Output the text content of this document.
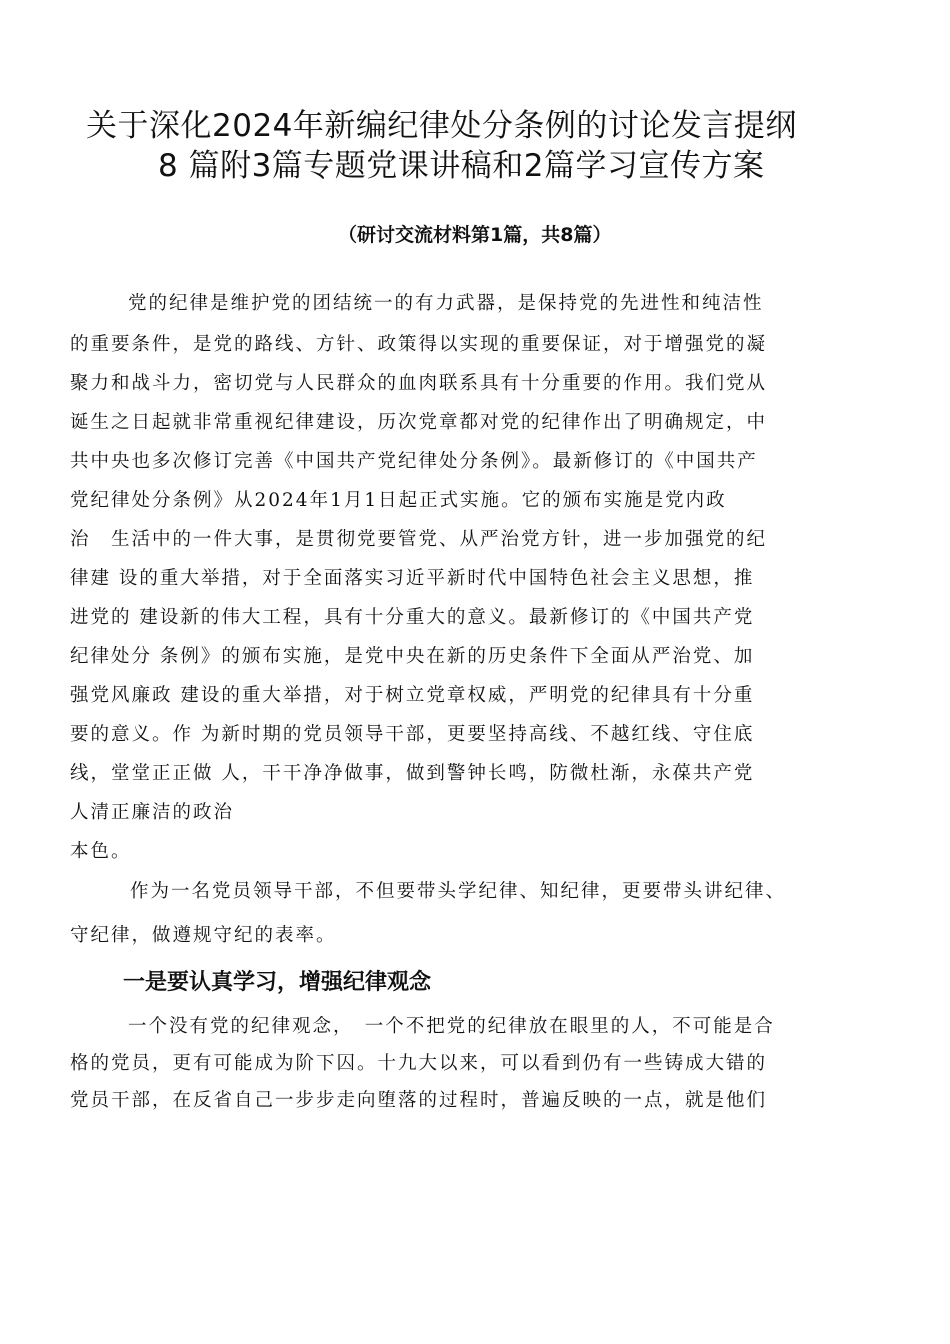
关于深化2024年新编纪律处分条例的讨论发言提纲
8 篇附3篇专题党课讲稿和2篇学习宣传方案
（研讨交流材料第1篇，共8篇）
党的纪律是维护党的团结统一的有力武器，是保持党的先进性和纯洁性
的重要条件，是党的路线、方针、政策得以实现的重要保证，对于增强党的凝
聚力和战斗力，密切党与人民群众的血肉联系具有十分重要的作用。我们党从
诞生之日起就非常重视纪律建设，历次党章都对党的纪律作出了明确规定，中
共中央也多次修订完善《中国共产党纪律处分条例》。最新修订的《中国共产
党纪律处分条例》从2024年1月1日起正式实施。它的颁布实施是党内政
治　生活中的一件大事，是贯彻党要管党、从严治党方针，进一步加强党的纪
律建 设的重大举措，对于全面落实习近平新时代中国特色社会主义思想，推
进党的 建设新的伟大工程，具有十分重大的意义。最新修订的《中国共产党
纪律处分 条例》的颁布实施，是党中央在新的历史条件下全面从严治党、加
强党风廉政 建设的重大举措，对于树立党章权威，严明党的纪律具有十分重
要的意义。作 为新时期的党员领导干部，更要坚持高线、不越红线、守住底
线，堂堂正正做 人，干干净净做事，做到警钟长鸣，防微杜渐，永葆共产党
人清正廉洁的政治
本色。
作为一名党员领导干部，不但要带头学纪律、知纪律，更要带头讲纪律、
守纪律，做遵规守纪的表率。
一是要认真学习，增强纪律观念
一个没有党的纪律观念，　一个不把党的纪律放在眼里的人，不可能是合
格的党员，更有可能成为阶下囚。十九大以来，可以看到仍有一些铸成大错的
党员干部，在反省自己一步步走向堕落的过程时，普遍反映的一点，就是他们
